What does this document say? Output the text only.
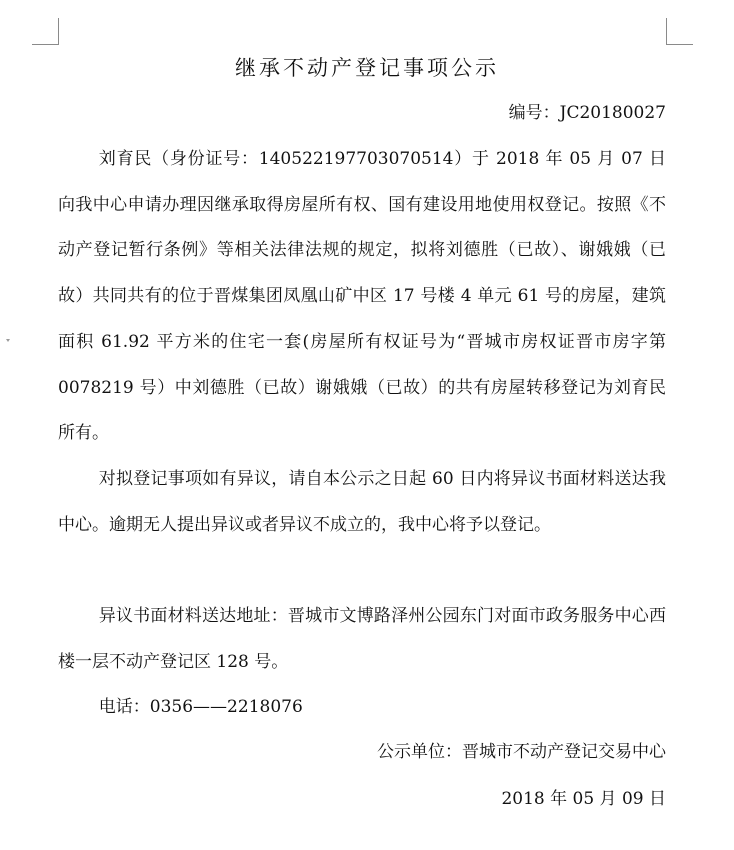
继承不动产登记事项公示
编号：JC20180027

刘育民（身份证号：140522197703070514）于 2018 年 05 月 07 日向我中心申请办理因继承取得房屋所有权、国有建设用地使用权登记。按照《不动产登记暂行条例》等相关法律法规的规定，拟将刘德胜（已故）、谢娥娥（已故）共同共有的位于晋煤集团凤凰山矿中区 17 号楼 4 单元 61 号的房屋，建筑面积 61.92 平方米的住宅一套(房屋所有权证号为“晋城市房权证晋市房字第 0078219 号）中刘德胜（已故）谢娥娥（已故）的共有房屋转移登记为刘育民所有。

对拟登记事项如有异议，请自本公示之日起 60 日内将异议书面材料送达我中心。逾期无人提出异议或者异议不成立的，我中心将予以登记。

异议书面材料送达地址：晋城市文博路泽州公园东门对面市政务服务中心西楼一层不动产登记区 128 号。

电话：0356——2218076

公示单位：晋城市不动产登记交易中心
2018 年 05 月 09 日
